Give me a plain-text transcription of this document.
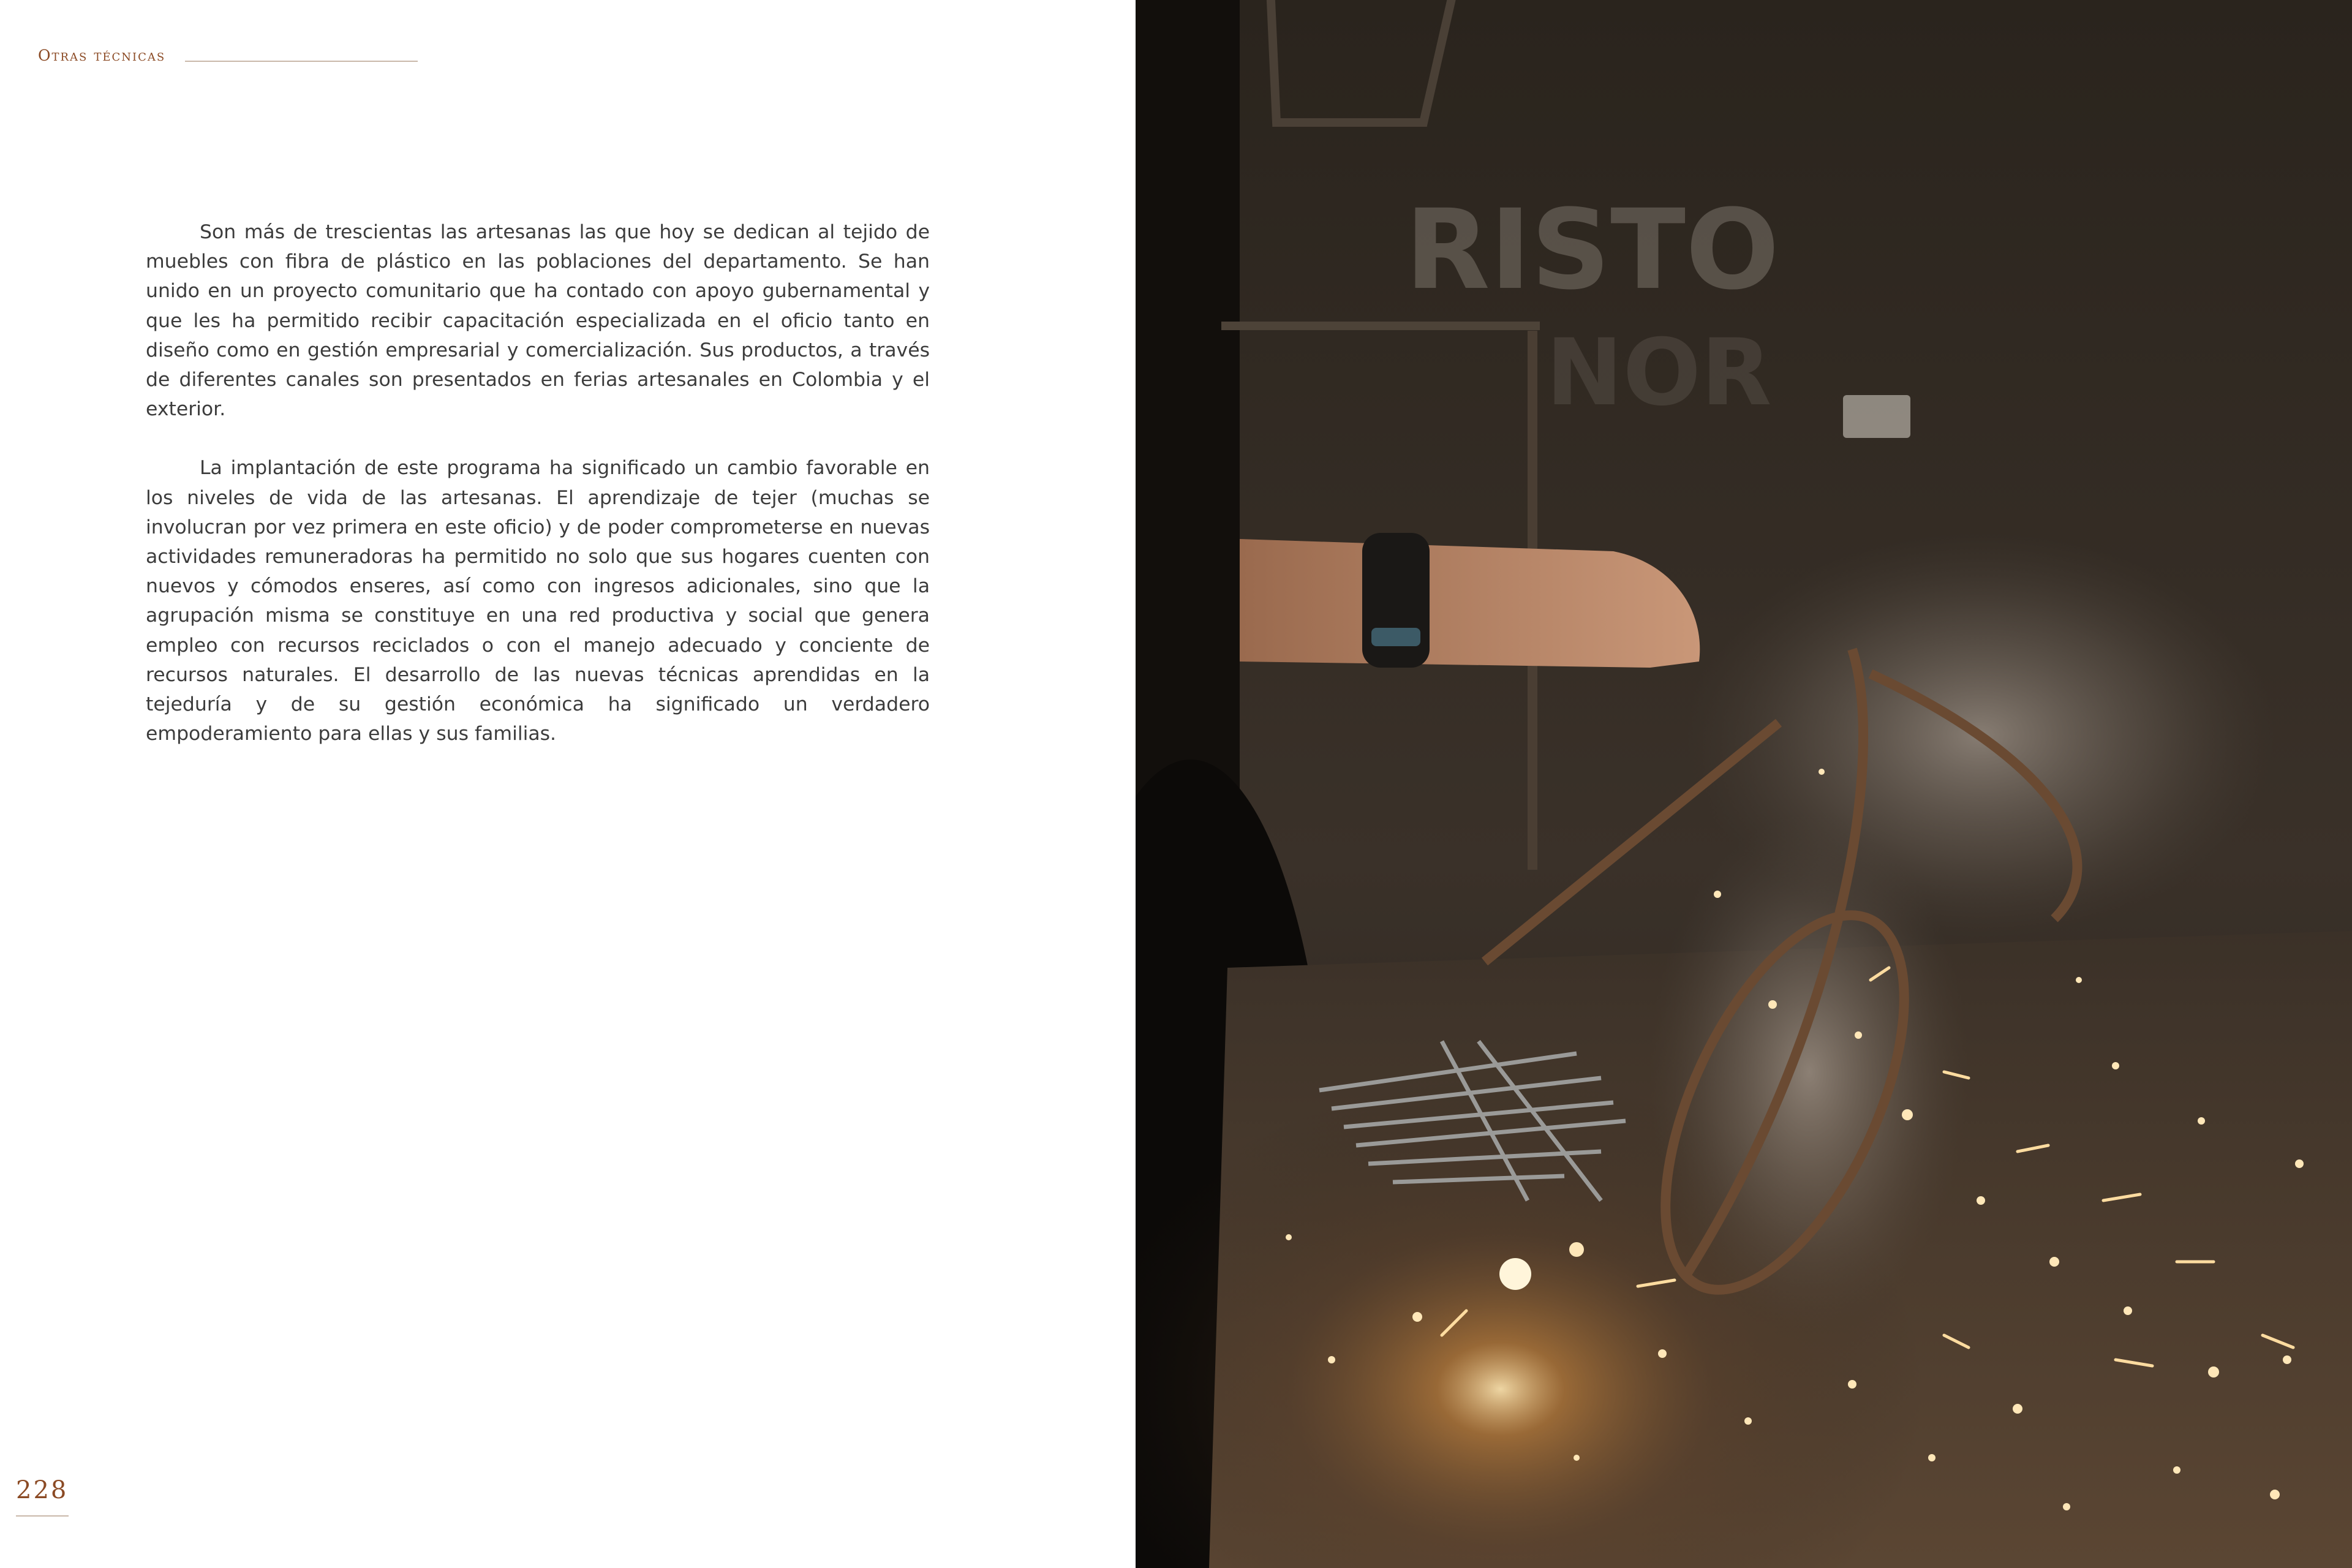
Otras técnicas

Son más de trescientas las artesanas las que hoy se dedican al tejido de muebles con fibra de plástico en las poblaciones del departamento. Se han unido en un proyecto comunitario que ha contado con apoyo gubernamental y que les ha permitido recibir capacitación especializada en el oficio tanto en diseño como en gestión empresarial y comercialización. Sus productos, a través de diferentes canales son presentados en ferias artesanales en Colombia y el exterior.

La implantación de este programa ha significado un cambio favorable en los niveles de vida de las artesanas. El aprendizaje de tejer (muchas se involucran por vez primera en este oficio) y de poder comprometerse en nuevas actividades remuneradoras ha permitido no solo que sus hogares cuenten con nuevos y cómodos enseres, así como con ingresos adicionales, sino que la agrupación misma se constituye en una red productiva y social que genera empleo con recursos reciclados o con el manejo adecuado y conciente de recursos naturales. El desarrollo de las nuevas técnicas aprendidas en la tejeduría y de su gestión económica ha significado un verdadero empoderamiento para ellas y sus familias.

228
RISTO
NOR
